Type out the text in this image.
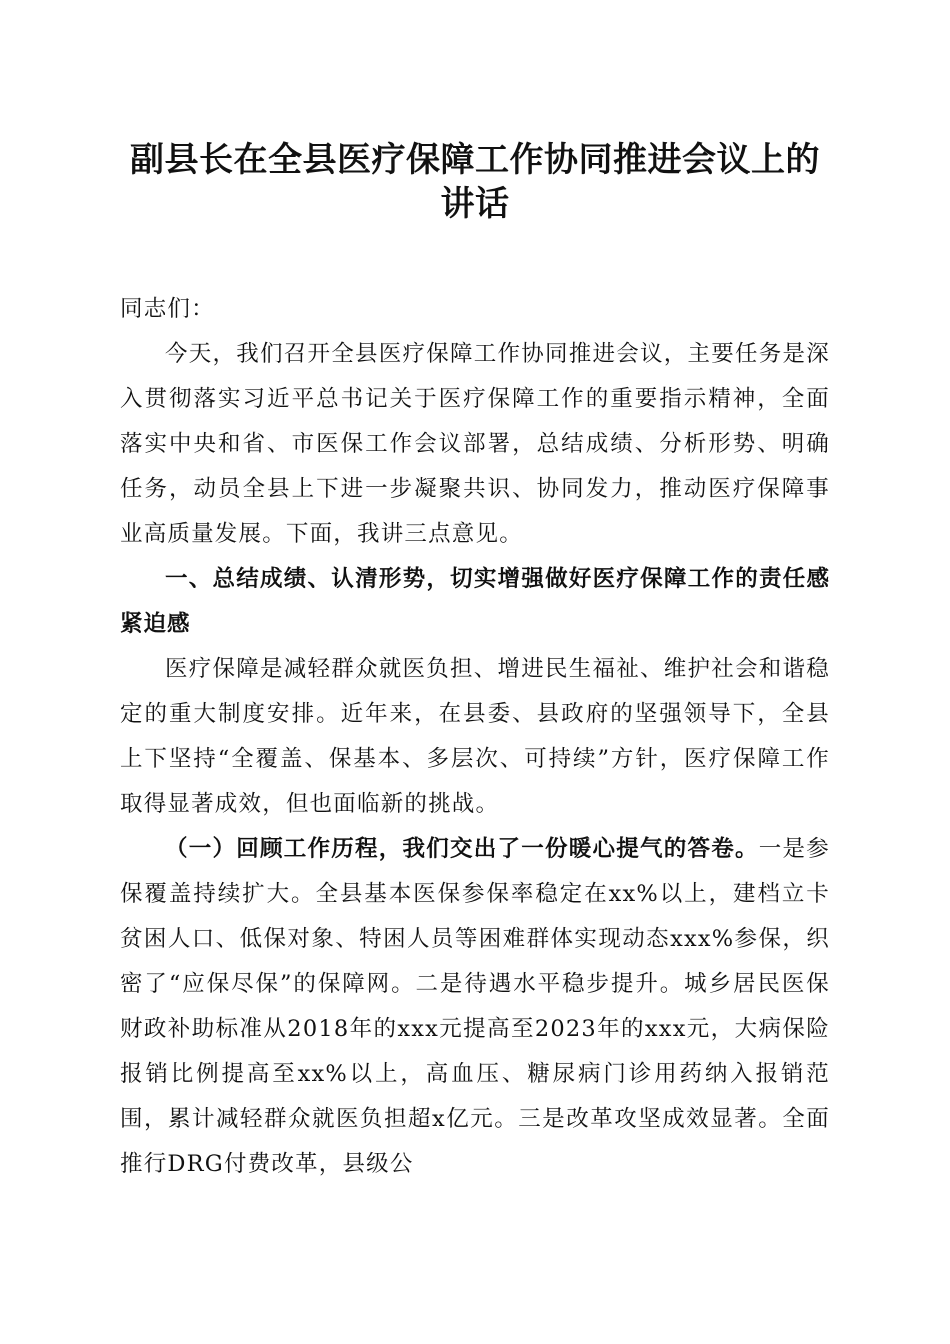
副县长在全县医疗保障工作协同推进会议上的讲话

同志们：

今天，我们召开全县医疗保障工作协同推进会议，主要任务是深入贯彻落实习近平总书记关于医疗保障工作的重要指示精神，全面落实中央和省、市医保工作会议部署，总结成绩、分析形势、明确任务，动员全县上下进一步凝聚共识、协同发力，推动医疗保障事业高质量发展。下面，我讲三点意见。

一、总结成绩、认清形势，切实增强做好医疗保障工作的责任感紧迫感

医疗保障是减轻群众就医负担、增进民生福祉、维护社会和谐稳定的重大制度安排。近年来，在县委、县政府的坚强领导下，全县上下坚持“全覆盖、保基本、多层次、可持续”方针，医疗保障工作取得显著成效，但也面临新的挑战。

（一）回顾工作历程，我们交出了一份暖心提气的答卷。一是参保覆盖持续扩大。全县基本医保参保率稳定在xx%以上，建档立卡贫困人口、低保对象、特困人员等困难群体实现动态xxx%参保，织密了“应保尽保”的保障网。二是待遇水平稳步提升。城乡居民医保财政补助标准从2018年的xxx元提高至2023年的xxx元，大病保险报销比例提高至xx%以上，高血压、糖尿病门诊用药纳入报销范围，累计减轻群众就医负担超x亿元。三是改革攻坚成效显著。全面推行DRG付费改革，县级公
